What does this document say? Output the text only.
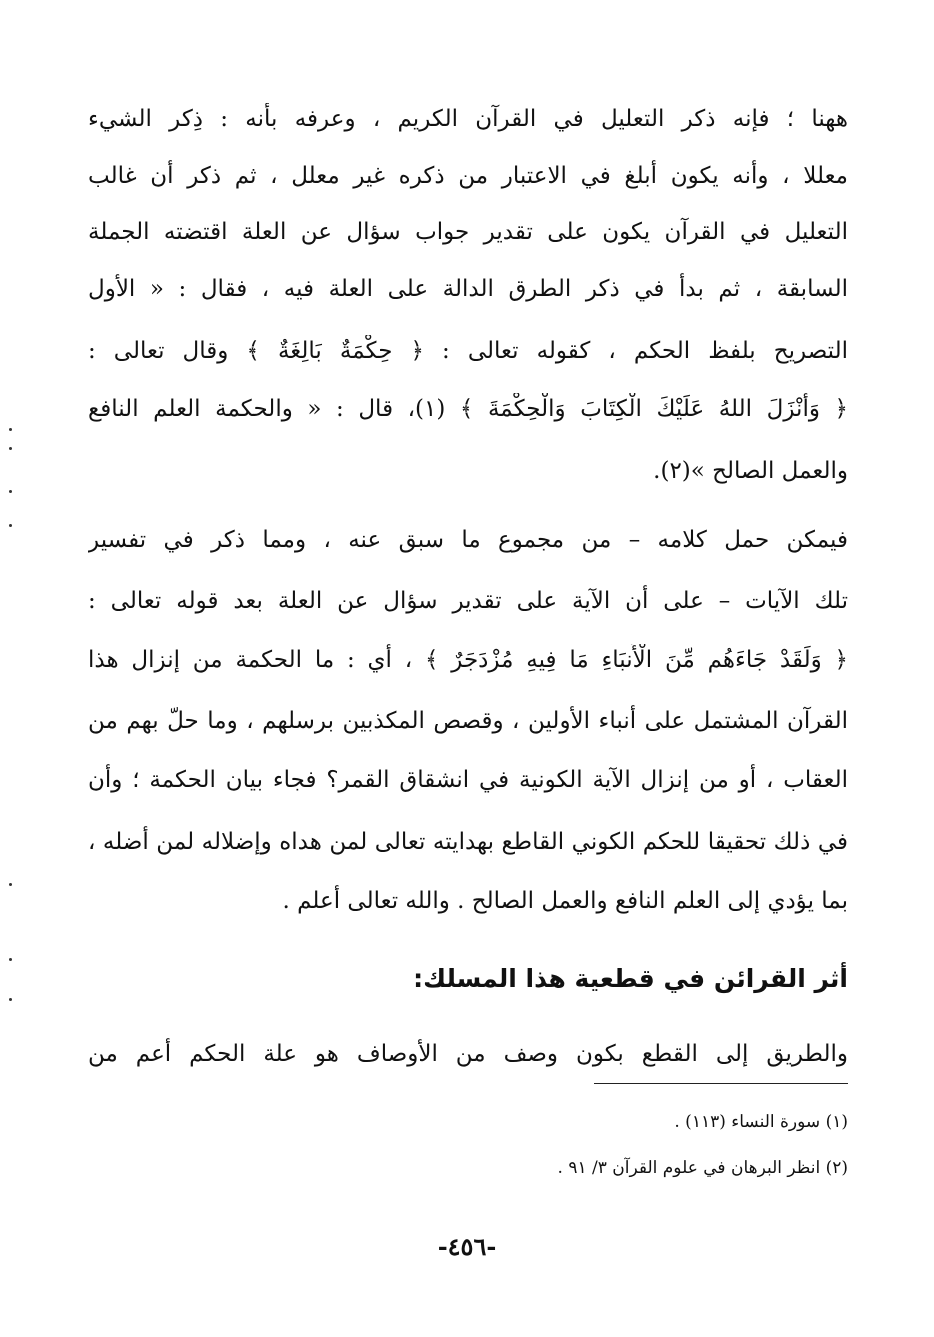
ههنا ؛ فإنه ذكر التعليل في القرآن الكريم ، وعرفه بأنه : ذِكر الشيء
معللا ، وأنه يكون أبلغ في الاعتبار من ذكره غير معلل ، ثم ذكر أن غالب
التعليل في القرآن يكون على تقدير جواب سؤال عن العلة اقتضته الجملة
السابقة ، ثم بدأ في ذكر الطرق الدالة على العلة فيه ، فقال : « الأول
التصريح بلفظ الحكم ، كقوله تعالى : ﴿ حِكْمَةٌ بَالِغَةٌ ﴾ وقال تعالى :
﴿ وَأَنْزَلَ اللهُ عَلَيْكَ الْكِتَابَ وَالْحِكْمَةَ ﴾ (١)، قال : « والحكمة العلم النافع
والعمل الصالح »(٢).
فيمكن حمل كلامه – من مجموع ما سبق عنه ، ومما ذكر في تفسير
تلك الآيات – على أن الآية على تقدير سؤال عن العلة بعد قوله تعالى :
﴿ وَلَقَدْ جَاءَهُم مِّنَ الْأَنبَاءِ مَا فِيهِ مُزْدَجَرٌ ﴾ ، أي : ما الحكمة من إنزال هذا
القرآن المشتمل على أنباء الأولين ، وقصص المكذبين برسلهم ، وما حلّ بهم من
العقاب ، أو من إنزال الآية الكونية في انشقاق القمر؟ فجاء بيان الحكمة ؛ وأن
في ذلك تحقيقا للحكم الكوني القاطع بهدايته تعالى لمن هداه وإضلاله لمن أضله ،
بما يؤدي إلى العلم النافع والعمل الصالح . والله تعالى أعلم .
أثر القرائن في قطعية هذا المسلك:
والطريق إلى القطع بكون وصف من الأوصاف هو علة الحكم أعم من
(١) سورة النساء (١١٣) .
(٢) انظر البرهان في علوم القرآن ٣/ ٩١ .
-٤٥٦-
